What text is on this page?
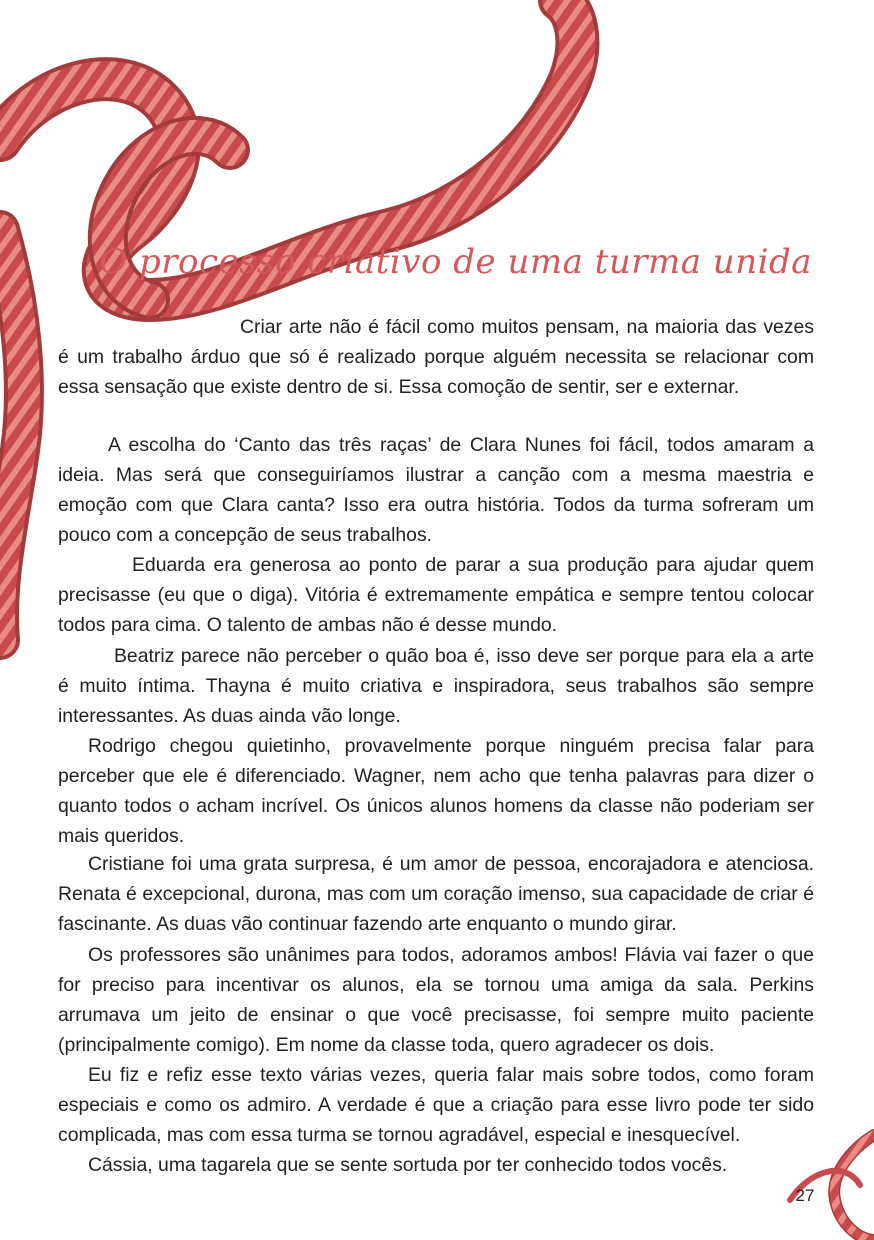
O processo criativo de uma turma unida

Criar arte não é fácil como muitos pensam, na maioria das vezes é um trabalho árduo que só é realizado porque alguém necessita se relacionar com essa sensação que existe dentro de si. Essa comoção de sentir, ser e externar.

A escolha do ‘Canto das três raças’ de Clara Nunes foi fácil, todos amaram a ideia. Mas será que conseguiríamos ilustrar a canção com a mesma maestria e emoção com que Clara canta? Isso era outra história. Todos da turma sofreram um pouco com a concepção de seus trabalhos.

Eduarda era generosa ao ponto de parar a sua produção para ajudar quem precisasse (eu que o diga). Vitória é extremamente empática e sempre tentou colocar todos para cima. O talento de ambas não é desse mundo.

Beatriz parece não perceber o quão boa é, isso deve ser porque para ela a arte é muito íntima. Thayna é muito criativa e inspiradora, seus trabalhos são sempre interessantes. As duas ainda vão longe.

Rodrigo chegou quietinho, provavelmente porque ninguém precisa falar para perceber que ele é diferenciado. Wagner, nem acho que tenha palavras para dizer o quanto todos o acham incrível. Os únicos alunos homens da classe não poderiam ser mais queridos.

Cristiane foi uma grata surpresa, é um amor de pessoa, encorajadora e atenciosa. Renata é excepcional, durona, mas com um coração imenso, sua capacidade de criar é fascinante. As duas vão continuar fazendo arte enquanto o mundo girar.

Os professores são unânimes para todos, adoramos ambos! Flávia vai fazer o que for preciso para incentivar os alunos, ela se tornou uma amiga da sala. Perkins arrumava um jeito de ensinar o que você precisasse, foi sempre muito paciente (principalmente comigo). Em nome da classe toda, quero agradecer os dois.

Eu fiz e refiz esse texto várias vezes, queria falar mais sobre todos, como foram especiais e como os admiro. A verdade é que a criação para esse livro pode ter sido complicada, mas com essa turma se tornou agradável, especial e inesquecível.

Cássia, uma tagarela que se sente sortuda por ter conhecido todos vocês.

27
